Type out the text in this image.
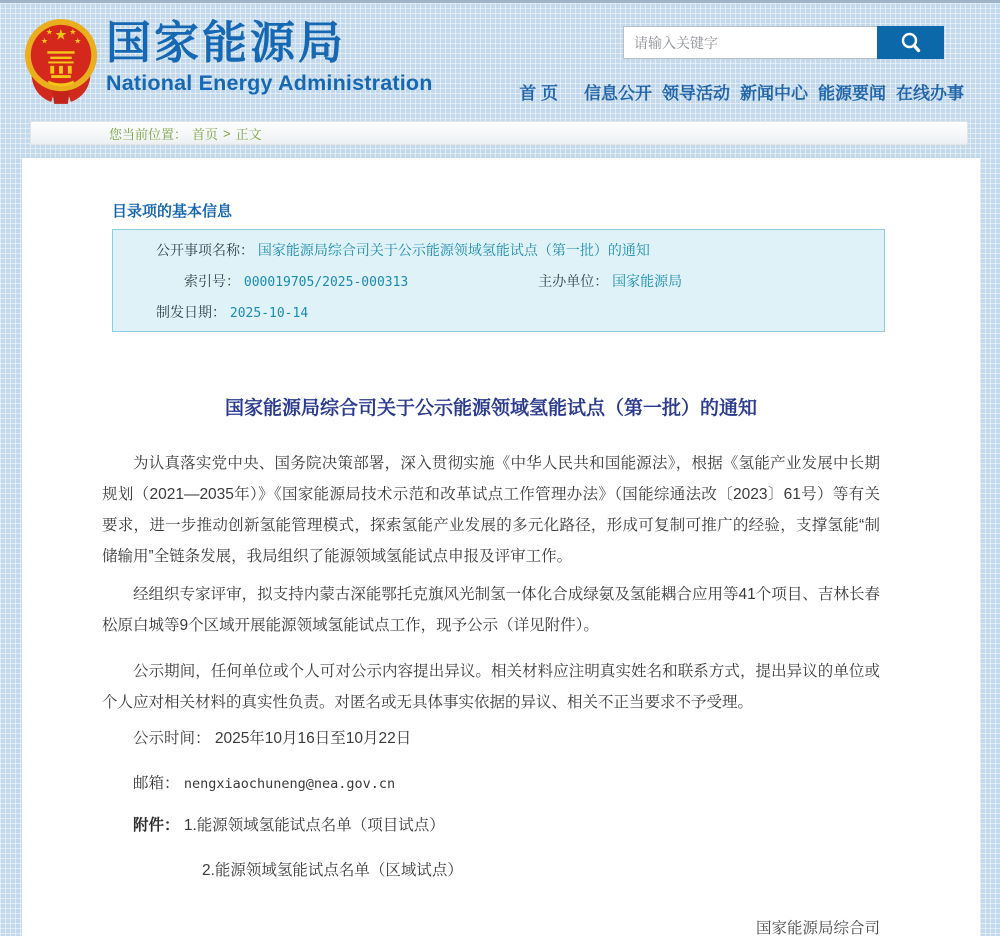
★
★ ★
★	★ 国家能源局
National Energy Administration
请输入关键字	首 页 信息公开 领导活动 新闻中心 能源要闻 在线办事
您当前位置： 首页 > 正文
目录项的基本信息
公开事项名称： 国家能源局综合司关于公示能源领域氢能试点（第一批）的通知
索引号： 000019705/2025-000313	主办单位： 国家能源局
制发日期： 2025-10-14
国家能源局综合司关于公示能源领域氢能试点（第一批）的通知

为认真落实党中央、国务院决策部署，深入贯彻实施《中华人民共和国能源法》，根据《氢能产业发展中长期规划（2021—2035年）》《国家能源局技术示范和改革试点工作管理办法》（国能综通法改〔2023〕61号）等有关要求，进一步推动创新氢能管理模式，探索氢能产业发展的多元化路径，形成可复制可推广的经验，支撑氢能“制储输用”全链条发展，我局组织了能源领域氢能试点申报及评审工作。

经组织专家评审，拟支持内蒙古深能鄂托克旗风光制氢一体化合成绿氨及氢能耦合应用等41个项目、吉林长春松原白城等9个区域开展能源领域氢能试点工作，现予公示（详见附件）。

公示期间，任何单位或个人可对公示内容提出异议。相关材料应注明真实姓名和联系方式，提出异议的单位或个人应对相关材料的真实性负责。对匿名或无具体事实依据的异议、相关不正当要求不予受理。

公示时间： 2025年10月16日至10月22日

邮箱： nengxiaochuneng@nea.gov.cn

附件： 1.能源领域氢能试点名单（项目试点）

2.能源领域氢能试点名单（区域试点）

国家能源局综合司
